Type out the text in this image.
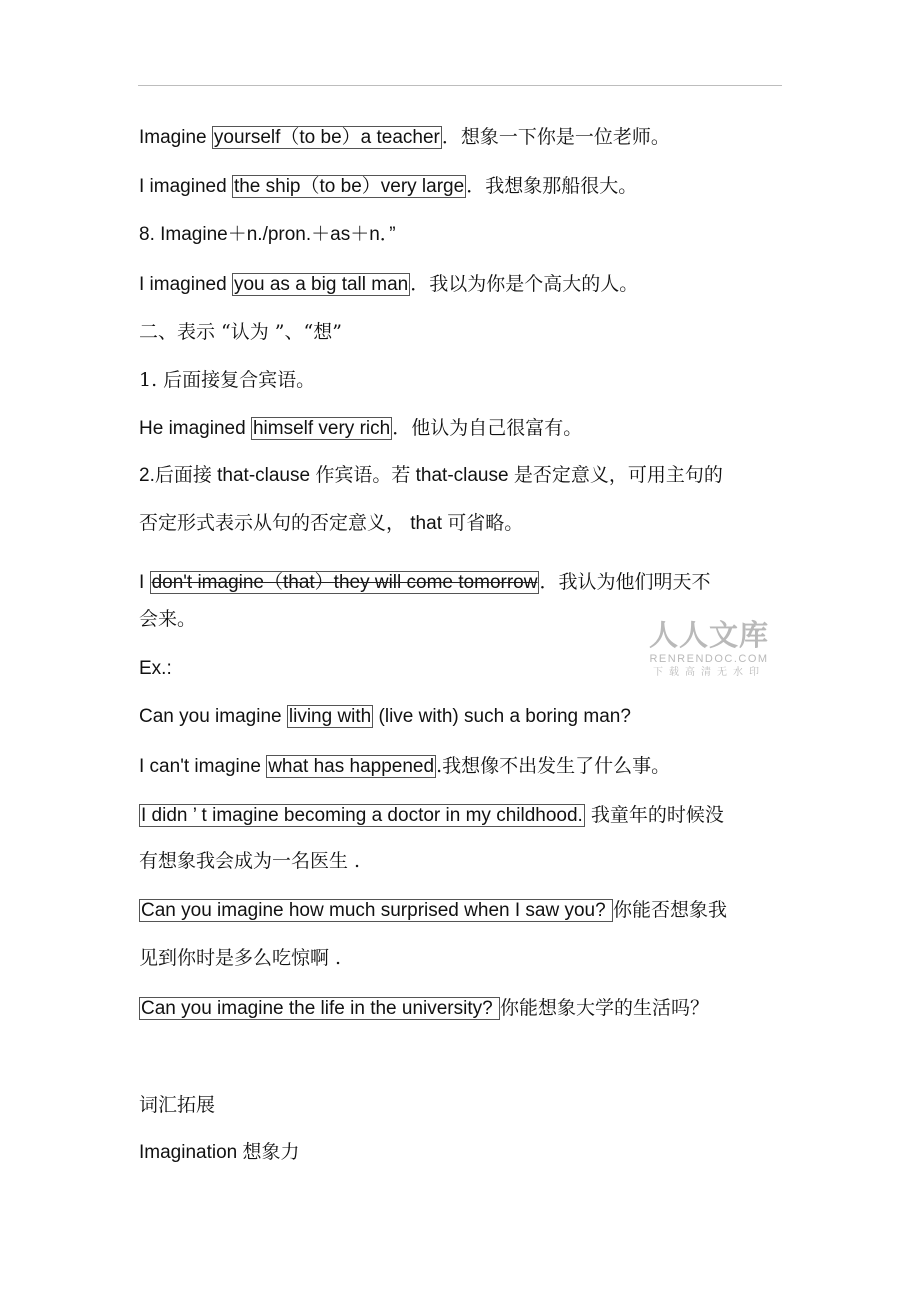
Imagine yourself（to be）a teacher ．想象一下你是一位老师。
I imagined the ship（to be）very large ．我想象那船很大。
8. Imagine＋n./pron.＋as＋n．”
I imagined you as a big tall man ．我以为你是个高大的人。
二、表示 “认为 ”、“想”
1. 后面接复合宾语。
He imagined himself very rich ．他认为自己很富有。
2.后面接 that-clause 作宾语。若 that-clause 是否定意义，可用主句的
否定形式表示从句的否定意义， that 可省略。
I don't imagine（that）they will come tomorrow ．我认为他们明天不
会来。
Ex.:
Can you imagine living with (live with) such a boring man?
I can't imagine what has happened .我想像不出发生了什么事。
I didn ’ t imagine becoming a doctor in my childhood. 我童年的时候没
有想象我会成为一名医生 .
Can you imagine how much surprised when I saw you? 你能否想象我
见到你时是多么吃惊啊 .
Can you imagine the life in the university? 你能想象大学的生活吗？
词汇拓展
Imagination 想象力
人人文库
RENRENDOC.COM
下载高清无水印
